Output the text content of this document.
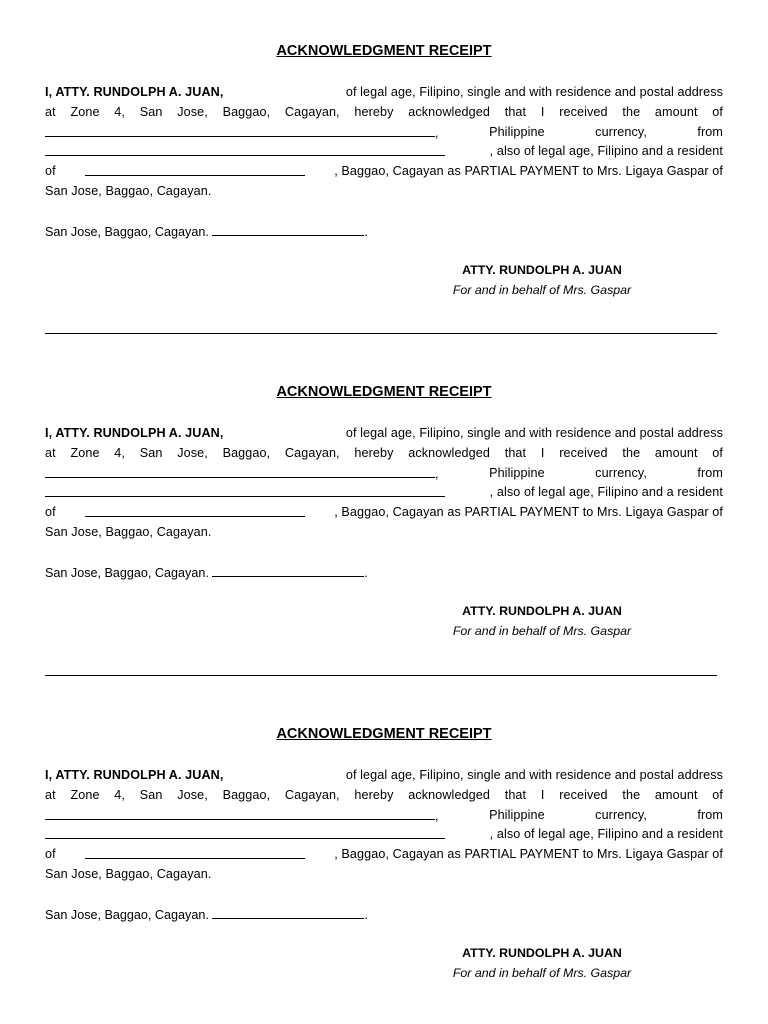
ACKNOWLEDGMENT RECEIPT
I, ATTY. RUNDOLPH A. JUAN,	of legal age, Filipino, single and with residence and postal address
at Zone 4, San Jose, Baggao, Cagayan, hereby acknowledged that I received the amount of
,	Philippine	currency,	from
, also of legal age, Filipino and a resident
of	, Baggao, Cagayan as PARTIAL PAYMENT to Mrs. Ligaya Gaspar of
San Jose, Baggao, Cagayan.
San Jose, Baggao, Cagayan.	.
ATTY. RUNDOLPH A. JUAN
For and in behalf of Mrs. Gaspar
ACKNOWLEDGMENT RECEIPT
I, ATTY. RUNDOLPH A. JUAN,	of legal age, Filipino, single and with residence and postal address
at Zone 4, San Jose, Baggao, Cagayan, hereby acknowledged that I received the amount of
,	Philippine	currency,	from
, also of legal age, Filipino and a resident
of	, Baggao, Cagayan as PARTIAL PAYMENT to Mrs. Ligaya Gaspar of
San Jose, Baggao, Cagayan.
San Jose, Baggao, Cagayan.	.
ATTY. RUNDOLPH A. JUAN
For and in behalf of Mrs. Gaspar
ACKNOWLEDGMENT RECEIPT
I, ATTY. RUNDOLPH A. JUAN,	of legal age, Filipino, single and with residence and postal address
at Zone 4, San Jose, Baggao, Cagayan, hereby acknowledged that I received the amount of
,	Philippine	currency,	from
, also of legal age, Filipino and a resident
of	, Baggao, Cagayan as PARTIAL PAYMENT to Mrs. Ligaya Gaspar of
San Jose, Baggao, Cagayan.
San Jose, Baggao, Cagayan.	.
ATTY. RUNDOLPH A. JUAN
For and in behalf of Mrs. Gaspar
